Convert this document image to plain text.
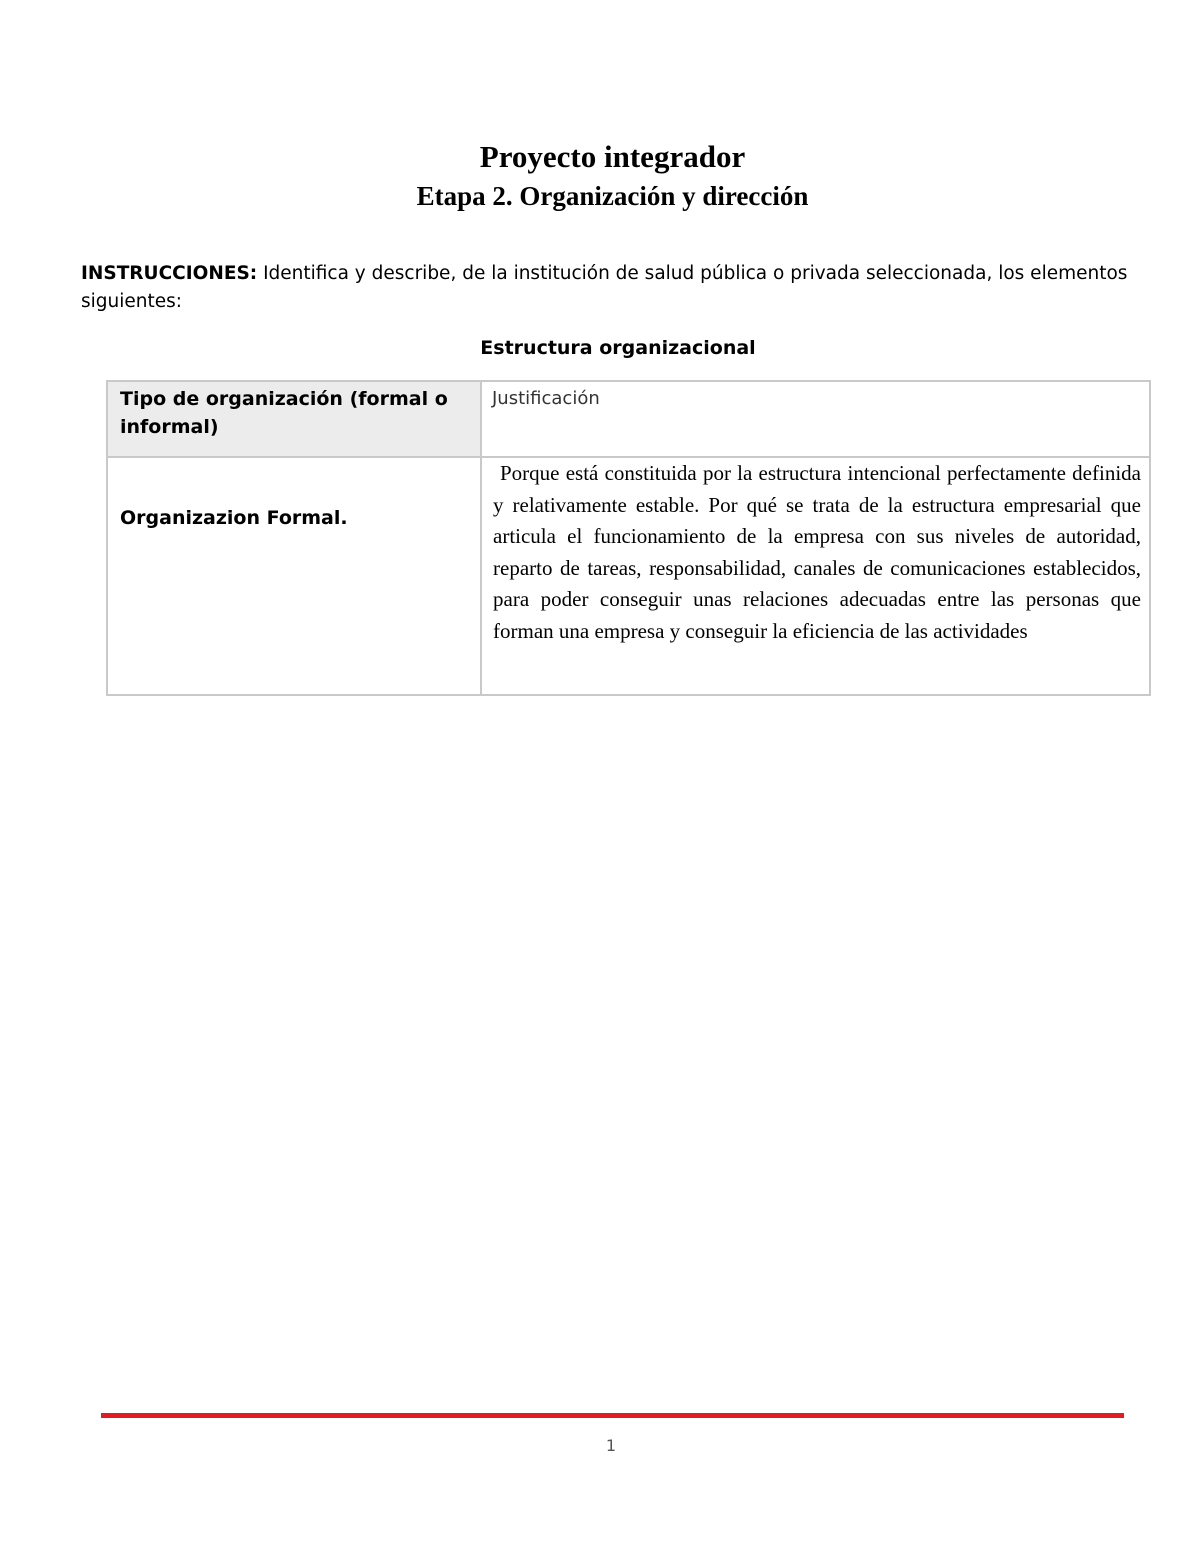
Proyecto integrador
Etapa 2. Organización y dirección

INSTRUCCIONES: Identifica y describe, de la institución de salud pública o privada seleccionada, los elementos siguientes:

Estructura organizacional
Tipo de organización (formal o informal)	Justificación
Organizazion Formal.	Porque está constituida por la estructura intencional perfectamente definida y relativamente estable. Por qué se trata de la estructura empresarial que articula el funcionamiento de la empresa con sus niveles de autoridad, reparto de tareas, responsabilidad, canales de comunicaciones establecidos, para poder conseguir unas relaciones adecuadas entre las personas que forman una empresa y conseguir la eficiencia de las actividades

1
